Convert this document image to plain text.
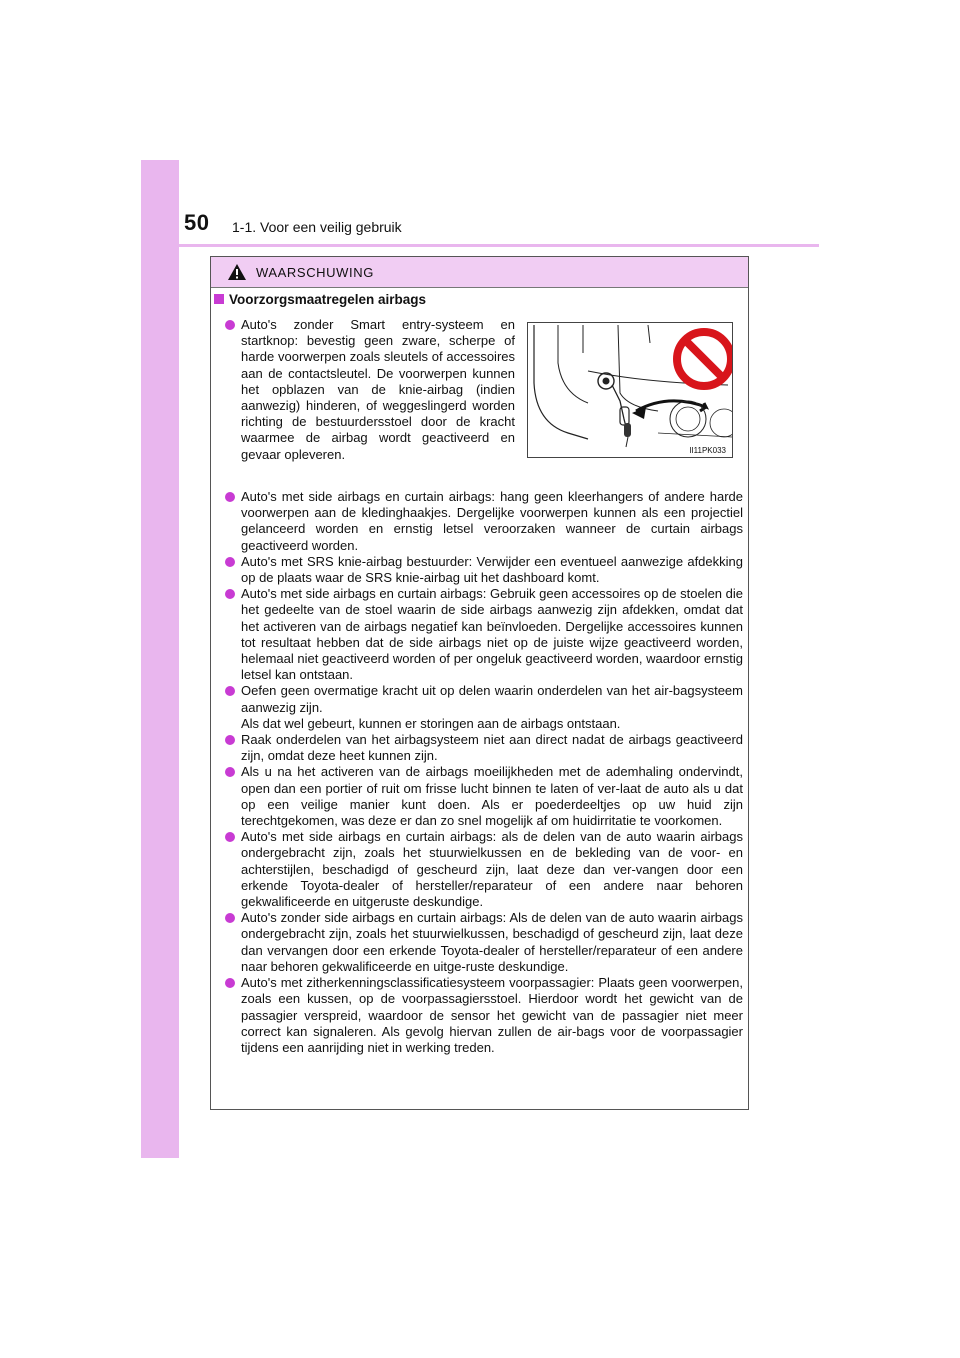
50 1-1. Voor een veilig gebruik
WAARSCHUWING
Voorzorgsmaatregelen airbags
Auto's zonder Smart entry-systeem en startknop: bevestig geen zware, scherpe of harde voorwerpen zoals sleutels of accessoires aan de contactsleutel. De voorwerpen kunnen het opblazen van de knie-airbag (indien aanwezig) hinderen, of weggeslingerd worden richting de bestuurdersstoel door de kracht waarmee de airbag wordt geactiveerd en gevaar opleveren.	II11PK033
Auto's met side airbags en curtain airbags: hang geen kleerhangers of andere harde voorwerpen aan de kledinghaakjes. Dergelijke voorwerpen kunnen als een projectiel gelanceerd worden en ernstig letsel veroorzaken wanneer de curtain airbags geactiveerd worden.
Auto's met SRS knie-airbag bestuurder: Verwijder een eventueel aanwezige afdekking op de plaats waar de SRS knie-airbag uit het dashboard komt.
Auto's met side airbags en curtain airbags: Gebruik geen accessoires op de stoelen die het gedeelte van de stoel waarin de side airbags aanwezig zijn afdekken, omdat dat het activeren van de airbags negatief kan beïnvloeden. Dergelijke accessoires kunnen tot resultaat hebben dat de side airbags niet op de juiste wijze geactiveerd worden, helemaal niet geactiveerd worden of per ongeluk geactiveerd worden, waardoor ernstig letsel kan ontstaan.
Oefen geen overmatige kracht uit op delen waarin onderdelen van het air-bagsysteem aanwezig zijn.
Als dat wel gebeurt, kunnen er storingen aan de airbags ontstaan.
Raak onderdelen van het airbagsysteem niet aan direct nadat de airbags geactiveerd zijn, omdat deze heet kunnen zijn.
Als u na het activeren van de airbags moeilijkheden met de ademhaling ondervindt, open dan een portier of ruit om frisse lucht binnen te laten of ver-laat de auto als u dat op een veilige manier kunt doen. Als er poederdeeltjes op uw huid zijn terechtgekomen, was deze er dan zo snel mogelijk af om huidirritatie te voorkomen.
Auto's met side airbags en curtain airbags: als de delen van de auto waarin airbags ondergebracht zijn, zoals het stuurwielkussen en de bekleding van de voor- en achterstijlen, beschadigd of gescheurd zijn, laat deze dan ver-vangen door een erkende Toyota-dealer of hersteller/reparateur of een andere naar behoren gekwalificeerde en uitgeruste deskundige.
Auto's zonder side airbags en curtain airbags: Als de delen van de auto waarin airbags ondergebracht zijn, zoals het stuurwielkussen, beschadigd of gescheurd zijn, laat deze dan vervangen door een erkende Toyota-dealer of hersteller/reparateur of een andere naar behoren gekwalificeerde en uitge-ruste deskundige.
Auto's met zitherkenningsclassificatiesysteem voorpassagier: Plaats geen voorwerpen, zoals een kussen, op de voorpassagiersstoel. Hierdoor wordt het gewicht van de passagier verspreid, waardoor de sensor het gewicht van de passagier niet meer correct kan signaleren. Als gevolg hiervan zullen de air-bags voor de voorpassagier tijdens een aanrijding niet in werking treden.
